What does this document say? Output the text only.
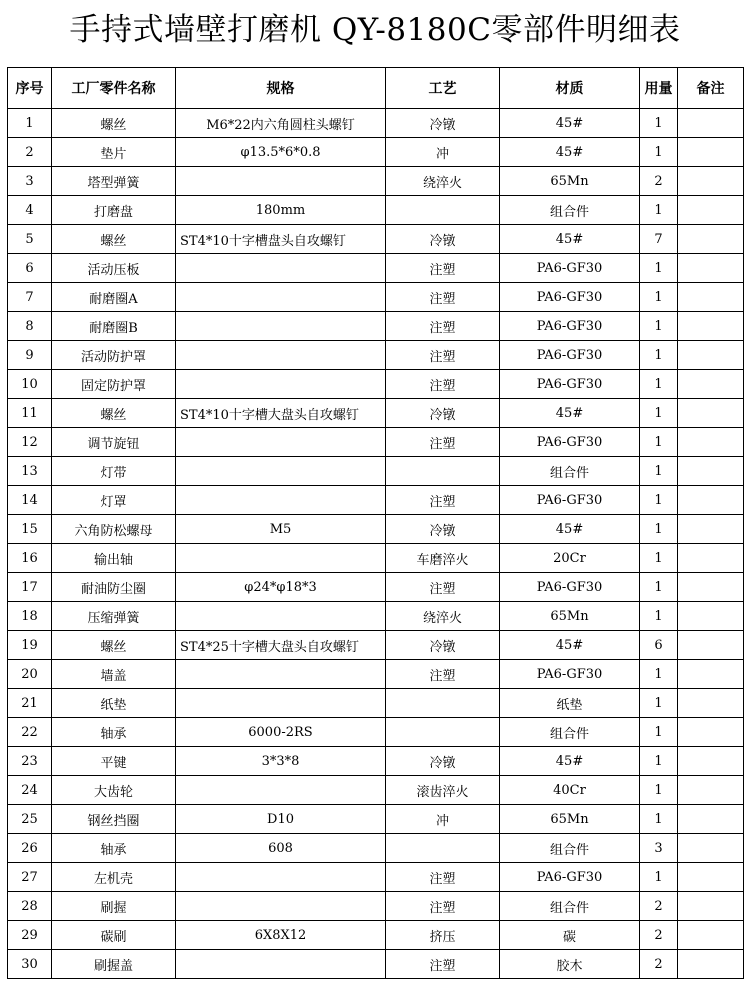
手持式墙壁打磨机 QY-8180C零部件明细表
序号	工厂零件名称	规格	工艺	材质	用量	备注
1	螺丝	M6*22内六角圆柱头螺钉	冷镦	45#	1	
2	垫片	φ13.5*6*0.8	冲	45#	1	
3	塔型弹簧		绕淬火	65Mn	2	
4	打磨盘	180mm		组合件	1	
5	螺丝	ST4*10十字槽盘头自攻螺钉	冷镦	45#	7	
6	活动压板		注塑	PA6-GF30	1	
7	耐磨圈A		注塑	PA6-GF30	1	
8	耐磨圈B		注塑	PA6-GF30	1	
9	活动防护罩		注塑	PA6-GF30	1	
10	固定防护罩		注塑	PA6-GF30	1	
11	螺丝	ST4*10十字槽大盘头自攻螺钉	冷镦	45#	1	
12	调节旋钮		注塑	PA6-GF30	1	
13	灯带			组合件	1	
14	灯罩		注塑	PA6-GF30	1	
15	六角防松螺母	M5	冷镦	45#	1	
16	输出轴		车磨淬火	20Cr	1	
17	耐油防尘圈	φ24*φ18*3	注塑	PA6-GF30	1	
18	压缩弹簧		绕淬火	65Mn	1	
19	螺丝	ST4*25十字槽大盘头自攻螺钉	冷镦	45#	6	
20	墙盖		注塑	PA6-GF30	1	
21	纸垫			纸垫	1	
22	轴承	6000-2RS		组合件	1	
23	平键	3*3*8	冷镦	45#	1	
24	大齿轮		滚齿淬火	40Cr	1	
25	钢丝挡圈	D10	冲	65Mn	1	
26	轴承	608		组合件	3	
27	左机壳		注塑	PA6-GF30	1	
28	刷握		注塑	组合件	2	
29	碳刷	6X8X12	挤压	碳	2	
30	刷握盖		注塑	胶木	2	
